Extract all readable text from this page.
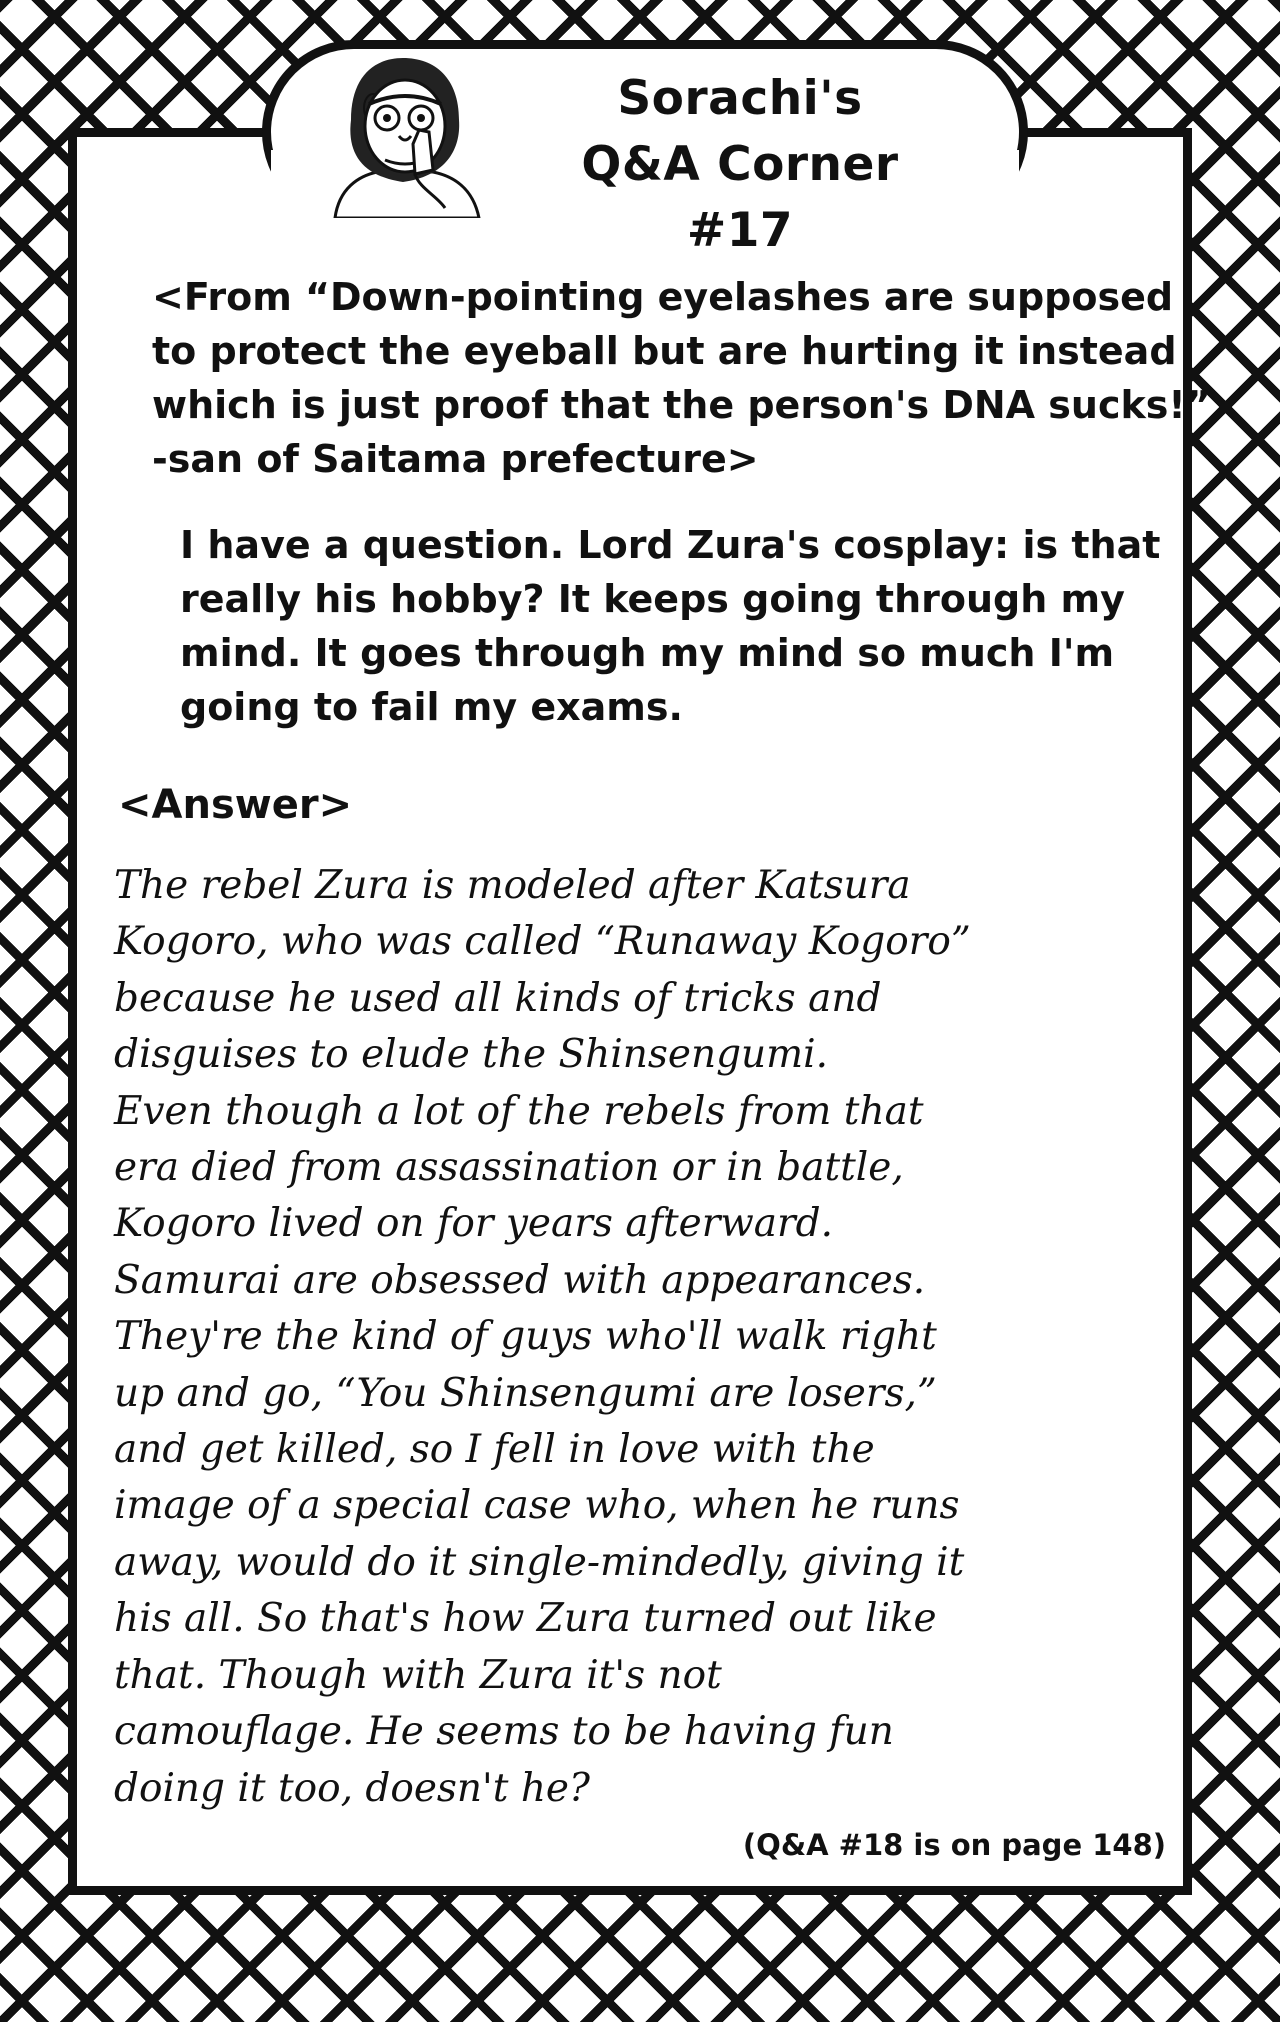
Sorachi's
Q&A Corner #17
<From “Down-pointing eyelashes are supposed
to protect the eyeball but are hurting it instead
which is just proof that the person's DNA sucks!”
-san of Saitama prefecture>
I have a question. Lord Zura's cosplay: is that
really his hobby? It keeps going through my
mind. It goes through my mind so much I'm
going to fail my exams.
<Answer>
The rebel Zura is modeled after Katsura
Kogoro, who was called “Runaway Kogoro”
because he used all kinds of tricks and
disguises to elude the Shinsengumi.
Even though a lot of the rebels from that
era died from assassination or in battle,
Kogoro lived on for years afterward.
Samurai are obsessed with appearances.
They're the kind of guys who'll walk right
up and go, “You Shinsengumi are losers,”
and get killed, so I fell in love with the
image of a special case who, when he runs
away, would do it single-mindedly, giving it
his all. So that's how Zura turned out like
that. Though with Zura it's not
camouflage. He seems to be having fun
doing it too, doesn't he?
(Q&A #18 is on page 148)
